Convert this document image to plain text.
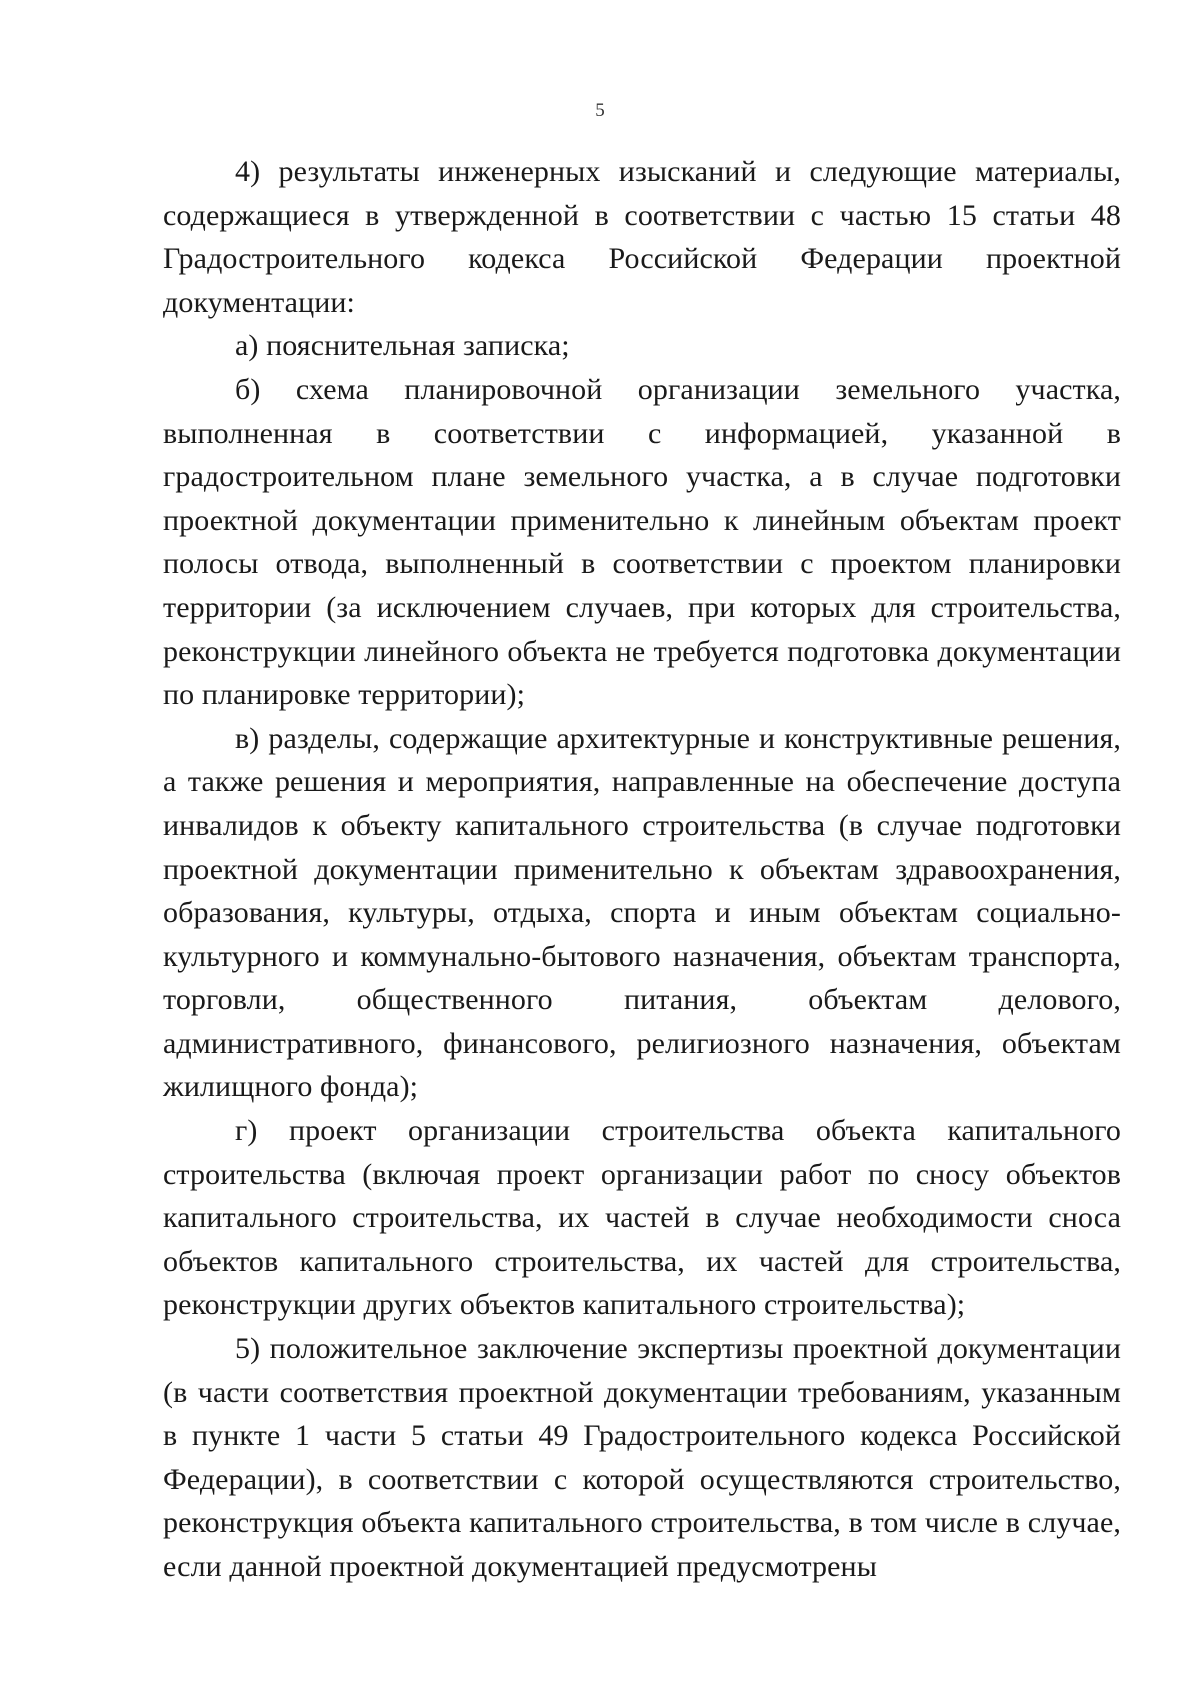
5

4) результаты инженерных изысканий и следующие материалы, содержащиеся в утвержденной в соответствии с частью 15 статьи 48 Градостроительного кодекса Российской Федерации проектной документации:

а) пояснительная записка;

б) схема планировочной организации земельного участка, выполненная в соответствии с информацией, указанной в градостроительном плане земельного участка, а в случае подготовки проектной документации применительно к линейным объектам проект полосы отвода, выполненный в соответствии с проектом планировки территории (за исключением случаев, при которых для строительства, реконструкции линейного объекта не требуется подготовка документации по планировке территории);

в) разделы, содержащие архитектурные и конструктивные решения, а также решения и мероприятия, направленные на обеспечение доступа инвалидов к объекту капитального строительства (в случае подготовки проектной документации применительно к объектам здравоохранения, образования, культуры, отдыха, спорта и иным объектам социально-культурного и коммунально-бытового назначения, объектам транспорта, торговли, общественного питания, объектам делового, административного, финансового, религиозного назначения, объектам жилищного фонда);

г) проект организации строительства объекта капитального строительства (включая проект организации работ по сносу объектов капитального строительства, их частей в случае необходимости сноса объектов капитального строительства, их частей для строительства, реконструкции других объектов капитального строительства);

5) положительное заключение экспертизы проектной документации (в части соответствия проектной документации требованиям, указанным в пункте 1 части 5 статьи 49 Градостроительного кодекса Российской Федерации), в соответствии с которой осуществляются строительство, реконструкция объекта капитального строительства, в том числе в случае, если данной проектной документацией предусмотрены
